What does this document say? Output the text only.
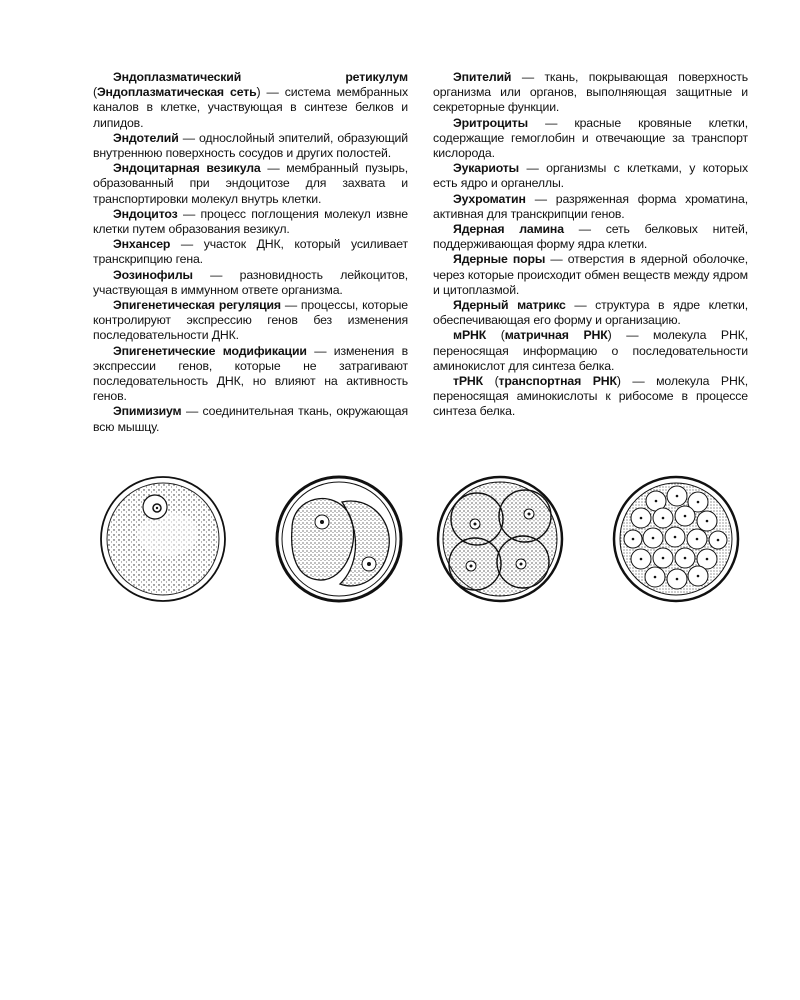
Эндоплазматический ретикулум (Эндоплазматическая сеть) — система мембранных каналов в клетке, участвующая в синтезе белков и липидов.

Эндотелий — однослойный эпителий, образующий внутреннюю поверхность сосудов и других полостей.

Эндоцитарная везикула — мембранный пузырь, образованный при эндоцитозе для захвата и транспортировки молекул внутрь клетки.

Эндоцитоз — процесс поглощения молекул извне клетки путем образования везикул.

Энхансер — участок ДНК, который усиливает транскрипцию гена.

Эозинофилы — разновидность лейкоцитов, участвующая в иммунном ответе организма.

Эпигенетическая регуляция — процессы, которые контролируют экспрессию генов без изменения последовательности ДНК.

Эпигенетические модификации — изменения в экспрессии генов, которые не затрагивают последовательность ДНК, но влияют на активность генов.

Эпимизиум — соединительная ткань, окружающая всю мышцу.

Эпителий — ткань, покрывающая поверхность организма или органов, выполняющая защитные и секреторные функции.

Эритроциты — красные кровяные клетки, содержащие гемоглобин и отвечающие за транспорт кислорода.

Эукариоты — организмы с клетками, у которых есть ядро и органеллы.

Эухроматин — разряженная форма хроматина, активная для транскрипции генов.

Ядерная ламина — сеть белковых нитей, поддерживающая форму ядра клетки.

Ядерные поры — отверстия в ядерной оболочке, через которые происходит обмен веществ между ядром и цитоплазмой.

Ядерный матрикс — структура в ядре клетки, обеспечивающая его форму и организацию.

мРНК (матричная РНК) — молекула РНК, переносящая информацию о последовательности аминокислот для синтеза белка.

тРНК (транспортная РНК) — молекула РНК, переносящая аминокислоты к рибосоме в процессе синтеза белка.
